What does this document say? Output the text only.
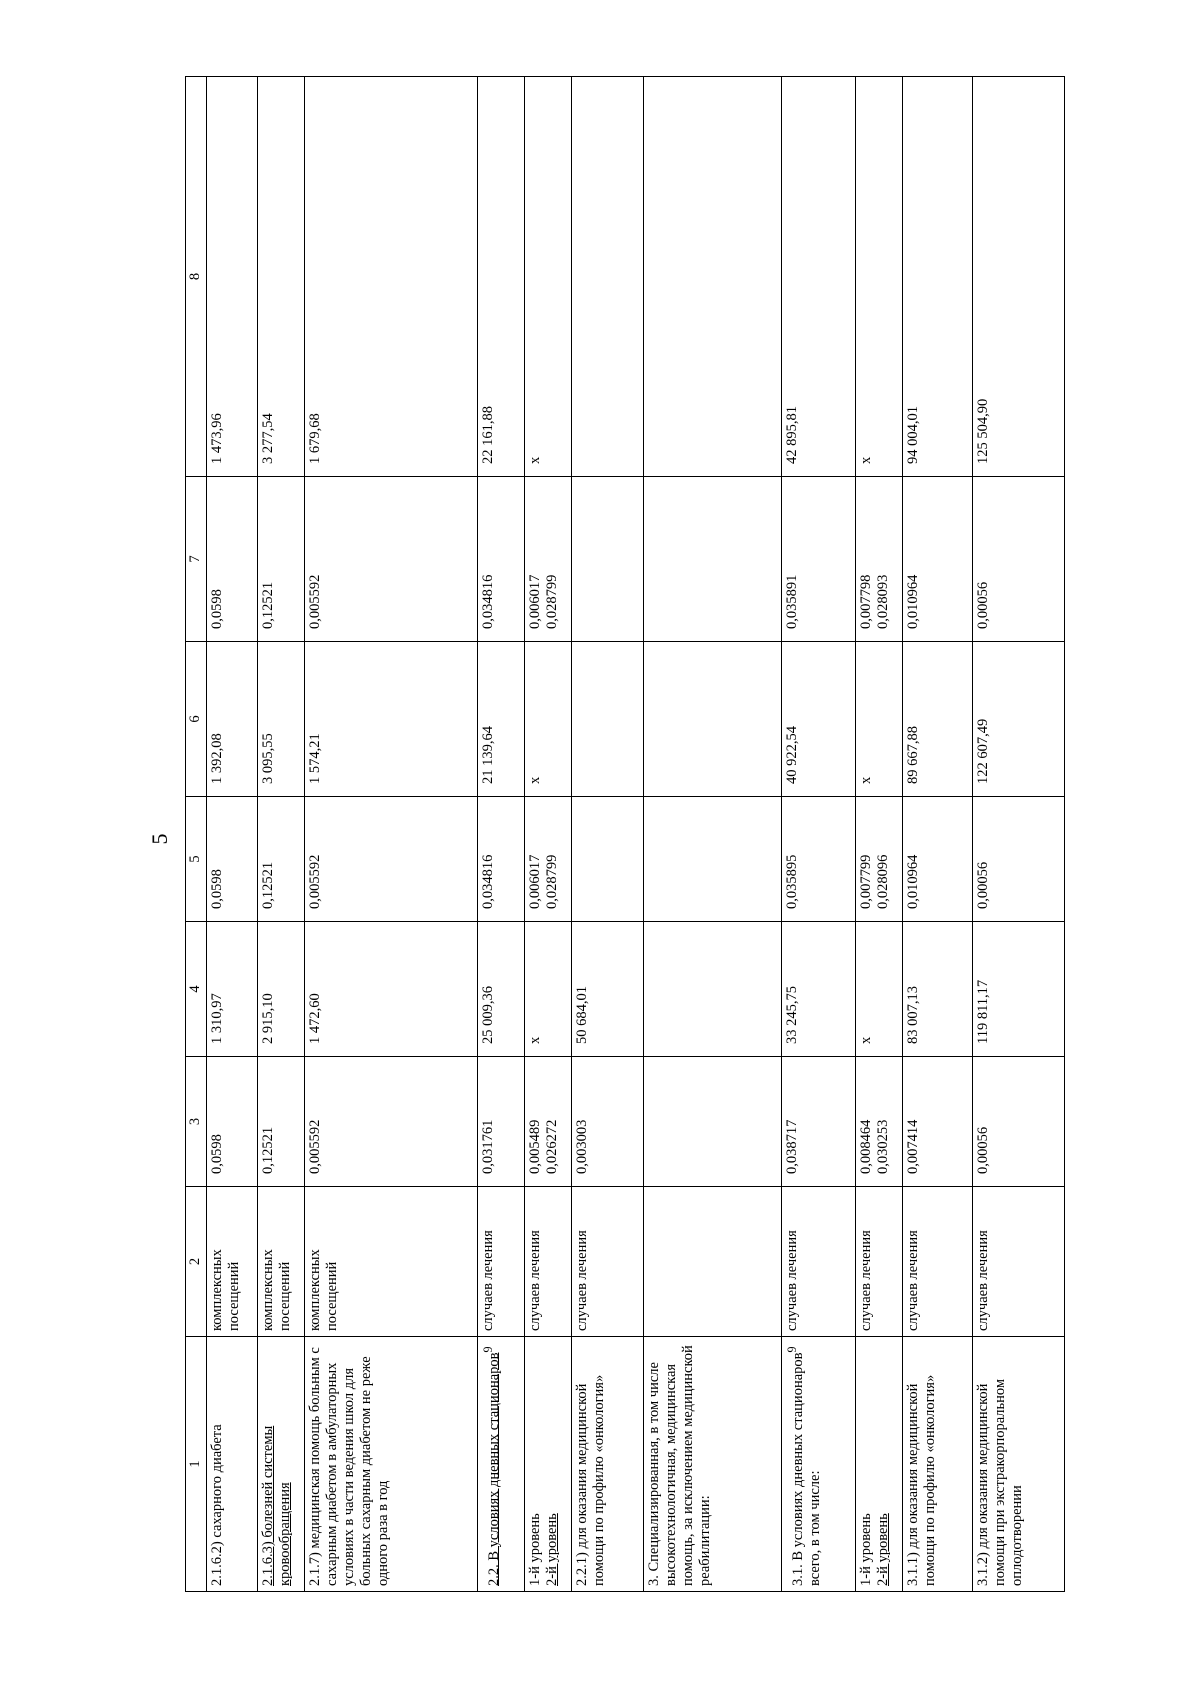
5
1	2	3	4	5	6	7	8
2.1.6.2) сахарного диабета	комплексных посещений	0,0598	1 310,97	0,0598	1 392,08	0,0598	1 473,96
2.1.6.3) болезней системы кровообращения	комплексных посещений	0,12521	2 915,10	0,12521	3 095,55	0,12521	3 277,54
2.1.7) медицинская помощь больным с сахарным диабетом в амбулаторных условиях в части ведения школ для больных сахарным диабетом не реже одного раза в год	комплексных посещений	0,005592	1 472,60	0,005592	1 574,21	0,005592	1 679,68
2.2. В условиях дневных стационаров$^9$	случаев лечения	0,031761	25 009,36	0,034816	21 139,64	0,034816	22 161,88

1-й уровень 2-й уровень	случаев лечения	0,005489 0,026272	х	0,006017 0,028799	х	0,006017 0,028799	х
2.2.1) для оказания медицинской помощи по профилю «онкология»	случаев лечения	0,003003	50 684,01				
3. Специализированная, в том числе высокотехнологичная, медицинская помощь, за исключением медицинской реабилитации:							
3.1. В условиях дневных стационаров$^9$ всего, в том числе:	случаев лечения	0,038717	33 245,75	0,035895	40 922,54	0,035891	42 895,81

1-й уровень 2-й уровень	случаев лечения	0,008464 0,030253	х	0,007799 0,028096	х	0,007798 0,028093	х
3.1.1) для оказания медицинской помощи по профилю «онкология»	случаев лечения	0,007414	83 007,13	0,010964	89 667,88	0,010964	94 004,01
3.1.2) для оказания медицинской помощи при экстракорпоральном оплодотворении	случаев лечения	0,00056	119 811,17	0,00056	122 607,49	0,00056	125 504,90
